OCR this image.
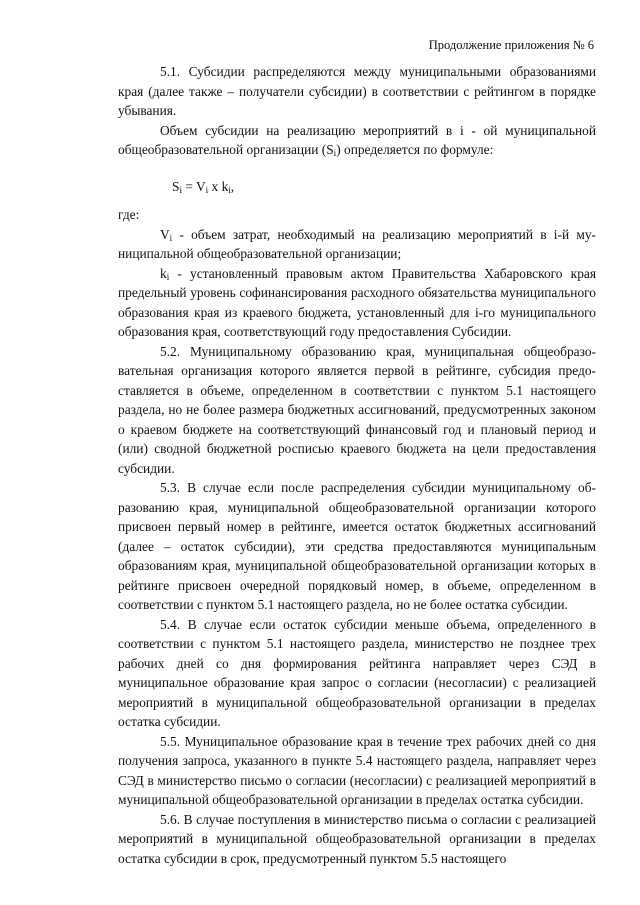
Продолжение приложения № 6

5.1. Субсидии распределяются между муниципальными образованиями края (далее также – получатели субсидии) в соответствии с рейтингом в порядке убывания.

Объем субсидии на реализацию мероприятий в i - ой муниципальной общеобразовательной организации $(S_i)$ определяется по формуле:

$S_i = V_i$ x $k_i$,

где:

$V_i$ - объем затрат, необходимый на реализацию мероприятий в i-й муниципальной общеобразовательной организации;

$k_i$ - установленный правовым актом Правительства Хабаровского края предельный уровень софинансирования расходного обязательства муниципального образования края из краевого бюджета, установленный для i-го муниципального образования края, соответствующий году предоставления Субсидии.

5.2. Муниципальному образованию края, муниципальная общеобразовательная организация которого является первой в рейтинге, субсидия предоставляется в объеме, определенном в соответствии с пунктом 5.1 настоящего раздела, но не более размера бюджетных ассигнований, предусмотренных законом о краевом бюджете на соответствующий финансовый год и плановый период и (или) сводной бюджетной росписью краевого бюджета на цели предоставления субсидии.

5.3. В случае если после распределения субсидии муниципальному образованию края, муниципальной общеобразовательной организации которого присвоен первый номер в рейтинге, имеется остаток бюджетных ассигнований (далее – остаток субсидии), эти средства предоставляются муниципальным образованиям края, муниципальной общеобразовательной организации которых в рейтинге присвоен очередной порядковый номер, в объеме, определенном в соответствии с пунктом 5.1 настоящего раздела, но не более остатка субсидии.

5.4. В случае если остаток субсидии меньше объема, определенного в соответствии с пунктом 5.1 настоящего раздела, министерство не позднее трех рабочих дней со дня формирования рейтинга направляет через СЭД в муниципальное образование края запрос о согласии (несогласии) с реализацией мероприятий в муниципальной общеобразовательной организации в пределах остатка субсидии.

5.5. Муниципальное образование края в течение трех рабочих дней со дня получения запроса, указанного в пункте 5.4 настоящего раздела, направляет через СЭД в министерство письмо о согласии (несогласии) с реализацией мероприятий в муниципальной общеобразовательной организации в пределах остатка субсидии.

5.6. В случае поступления в министерство письма о согласии с реализацией мероприятий в муниципальной общеобразовательной организации в пределах остатка субсидии в срок, предусмотренный пунктом 5.5 настоящего
